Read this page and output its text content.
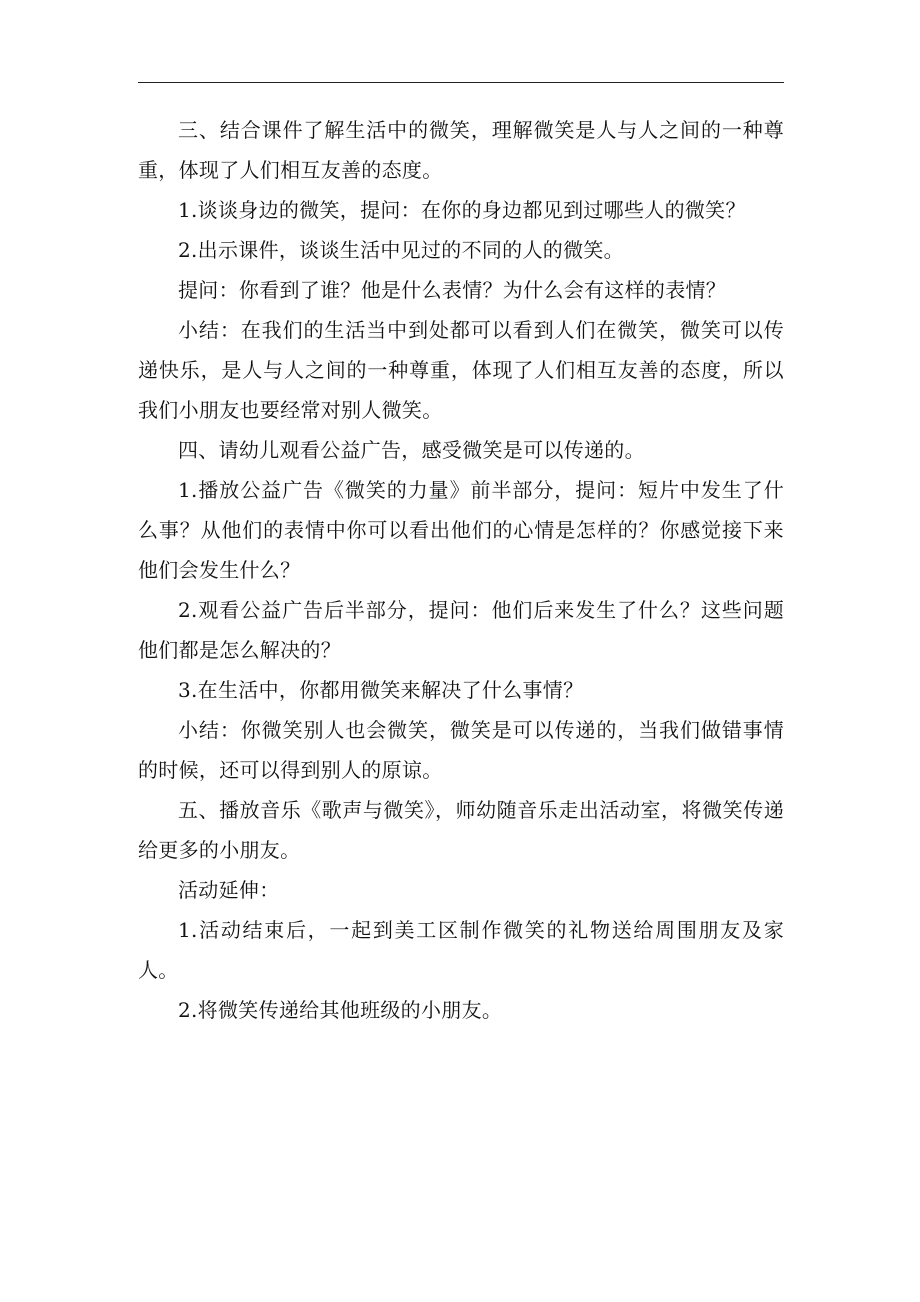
三、结合课件了解生活中的微笑，理解微笑是人与人之间的一种尊重，体现了人们相互友善的态度。

1.谈谈身边的微笑，提问：在你的身边都见到过哪些人的微笑？

2.出示课件，谈谈生活中见过的不同的人的微笑。

提问：你看到了谁？他是什么表情？为什么会有这样的表情？

小结：在我们的生活当中到处都可以看到人们在微笑，微笑可以传递快乐，是人与人之间的一种尊重，体现了人们相互友善的态度，所以我们小朋友也要经常对别人微笑。

四、请幼儿观看公益广告，感受微笑是可以传递的。

1.播放公益广告《微笑的力量》前半部分，提问：短片中发生了什么事？从他们的表情中你可以看出他们的心情是怎样的？你感觉接下来他们会发生什么？

2.观看公益广告后半部分，提问：他们后来发生了什么？这些问题他们都是怎么解决的？

3.在生活中，你都用微笑来解决了什么事情？

小结：你微笑别人也会微笑，微笑是可以传递的，当我们做错事情的时候，还可以得到别人的原谅。

五、播放音乐《歌声与微笑》，师幼随音乐走出活动室，将微笑传递给更多的小朋友。

活动延伸：

1.活动结束后，一起到美工区制作微笑的礼物送给周围朋友及家人。

2.将微笑传递给其他班级的小朋友。
